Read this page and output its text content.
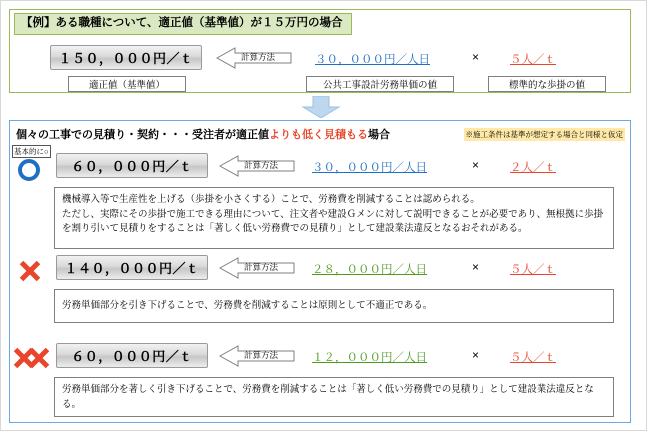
【例】ある職種について、適正値（基準値）が１５万円の場合
１５０，０００円／ｔ	計算方法
適正値（基準値）
３０，０００円／人日
公共工事設計労務単価の値
×	５人／ｔ
標準的な歩掛の値
個々の工事での見積り・契約・・・受注者が適正値よりも低く見積もる場合	※施工条件は基準が想定する場合と同様と仮定
基本的に○
６０，０００円／ｔ	計算方法	３０，０００円／人日	×	２人／ｔ
機械導入等で生産性を上げる（歩掛を小さくする）ことで、労務費を削減することは認められる。
ただし、実際にその歩掛で施工できる理由について、注文者や建設Ｇメンに対して説明できることが必要であり、無根拠に歩掛を割り引いて見積りをすることは「著しく低い労務費での見積り」として建設業法違反となるおそれがある。
１４０，０００円／ｔ	計算方法	２８，０００円／人日	×	５人／ｔ
労務単価部分を引き下げることで、労務費を削減することは原則として不適正である。
６０，０００円／ｔ	計算方法	１２，０００円／人日	×	５人／ｔ
労務単価部分を著しく引き下げることで、労務費を削減することは「著しく低い労務費での見積り」として建設業法違反となる。
